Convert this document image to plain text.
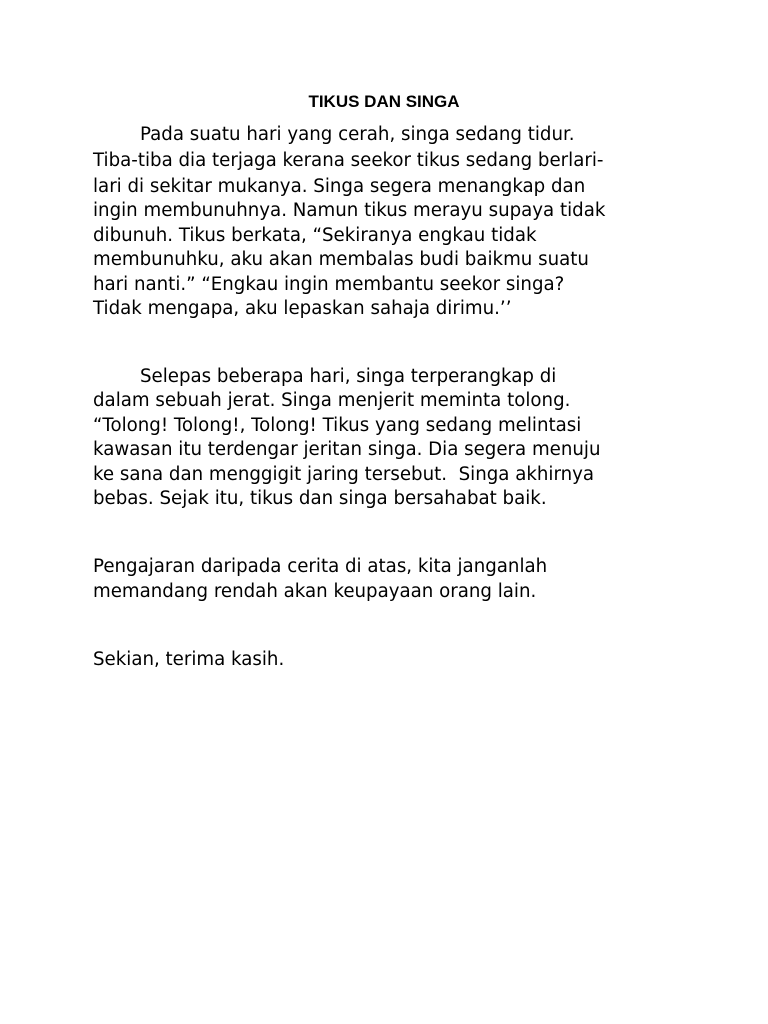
TIKUS DAN SINGA

Pada suatu hari yang cerah, singa sedang tidur.

Tiba-tiba dia terjaga kerana seekor tikus sedang berlari-

lari di sekitar mukanya. Singa segera menangkap dan

ingin membunuhnya. Namun tikus merayu supaya tidak

dibunuh. Tikus berkata, “Sekiranya engkau tidak

membunuhku, aku akan membalas budi baikmu suatu

hari nanti.” “Engkau ingin membantu seekor singa?

Tidak mengapa, aku lepaskan sahaja dirimu.’’

Selepas beberapa hari, singa terperangkap di

dalam sebuah jerat. Singa menjerit meminta tolong.

“Tolong! Tolong!, Tolong! Tikus yang sedang melintasi

kawasan itu terdengar jeritan singa. Dia segera menuju

ke sana dan menggigit jaring tersebut.  Singa akhirnya

bebas. Sejak itu, tikus dan singa bersahabat baik.

Pengajaran daripada cerita di atas, kita janganlah

memandang rendah akan keupayaan orang lain.

Sekian, terima kasih.
